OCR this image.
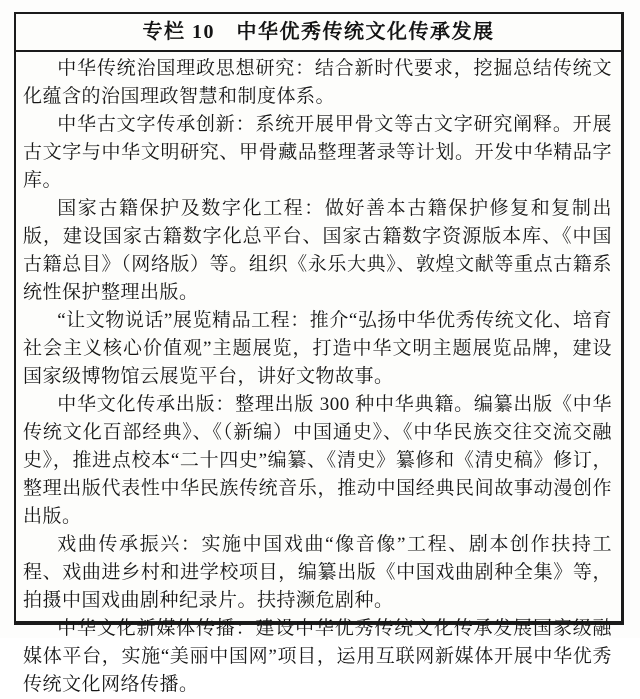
专栏 10　中华优秀传统文化传承发展

中华传统治国理政思想研究：结合新时代要求，挖掘总结传统文化蕴含的治国理政智慧和制度体系。

中华古文字传承创新：系统开展甲骨文等古文字研究阐释。开展古文字与中华文明研究、甲骨藏品整理著录等计划。开发中华精品字库。

国家古籍保护及数字化工程：做好善本古籍保护修复和复制出版，建设国家古籍数字化总平台、国家古籍数字资源版本库、《中国古籍总目》（网络版）等。组织《永乐大典》、敦煌文献等重点古籍系统性保护整理出版。

“让文物说话”展览精品工程：推介“弘扬中华优秀传统文化、培育社会主义核心价值观”主题展览，打造中华文明主题展览品牌，建设国家级博物馆云展览平台，讲好文物故事。

中华文化传承出版：整理出版 300 种中华典籍。编纂出版《中华传统文化百部经典》、《（新编）中国通史》、《中华民族交往交流交融史》，推进点校本“二十四史”编纂、《清史》纂修和《清史稿》修订，整理出版代表性中华民族传统音乐，推动中国经典民间故事动漫创作出版。

戏曲传承振兴：实施中国戏曲“像音像”工程、剧本创作扶持工程、戏曲进乡村和进学校项目，编纂出版《中国戏曲剧种全集》等，拍摄中国戏曲剧种纪录片。扶持濒危剧种。

中华文化新媒体传播：建设中华优秀传统文化传承发展国家级融媒体平台，实施“美丽中国网”项目，运用互联网新媒体开展中华优秀传统文化网络传播。
